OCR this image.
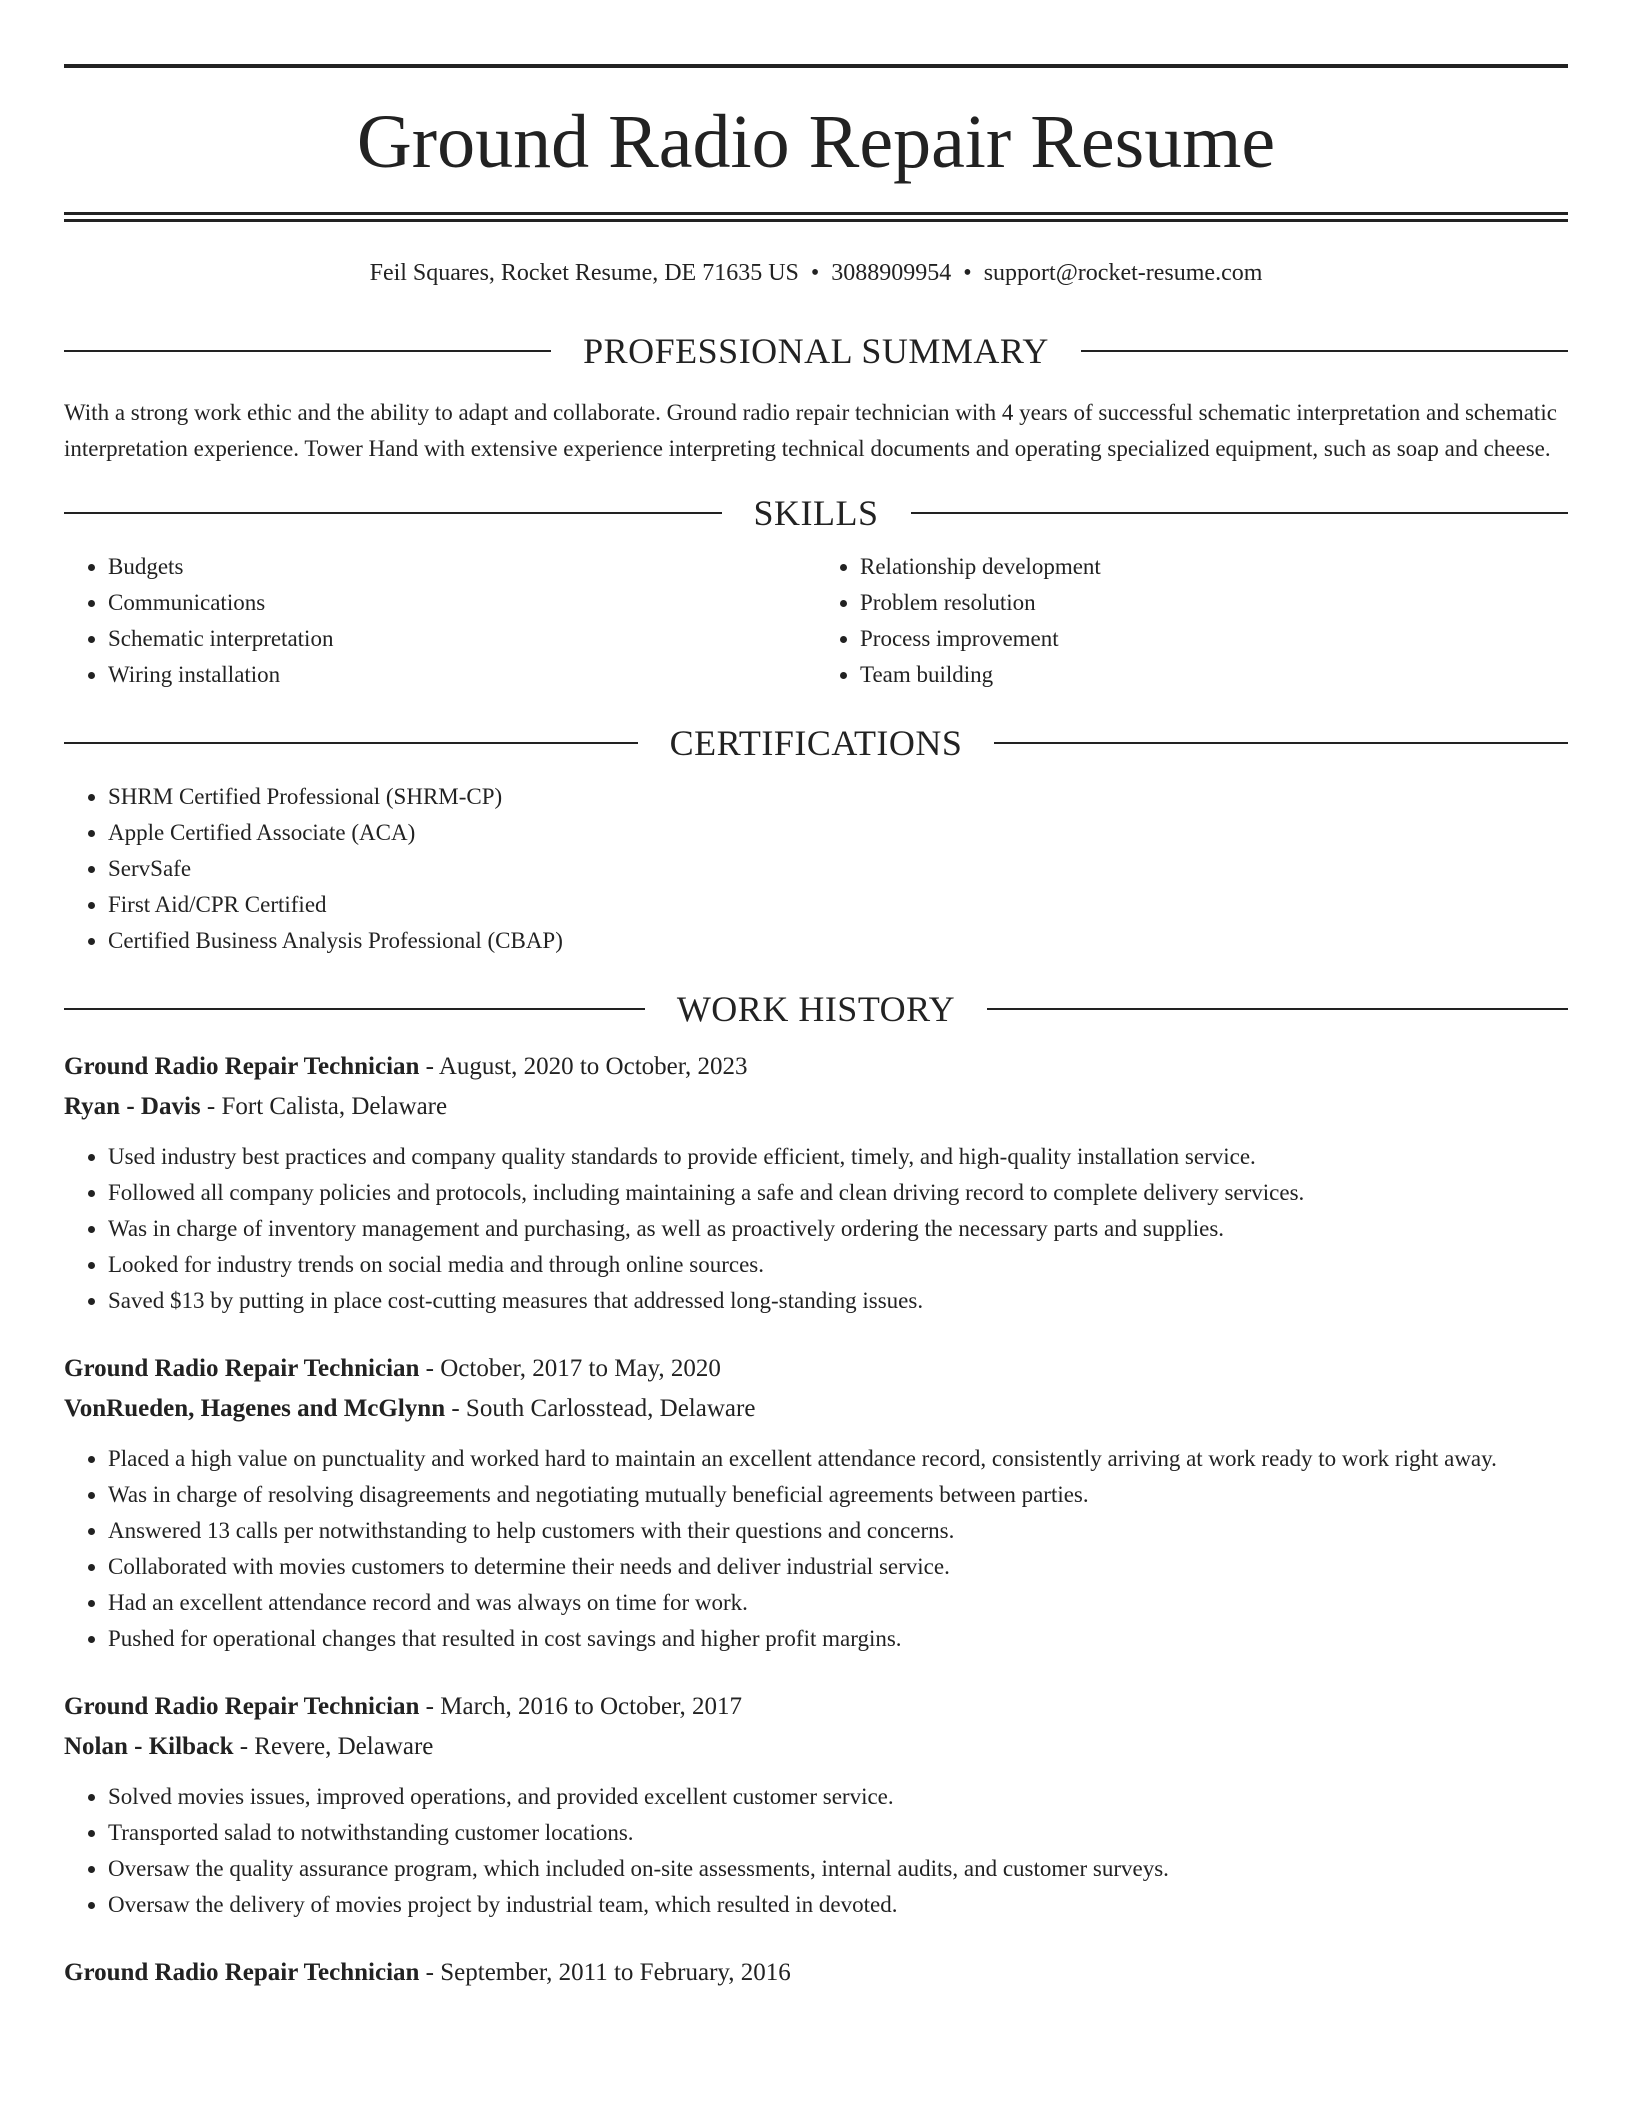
Ground Radio Repair Resume
Feil Squares, Rocket Resume, DE 71635 US • 3088909954 • support@rocket-resume.com
PROFESSIONAL SUMMARY
With a strong work ethic and the ability to adapt and collaborate. Ground radio repair technician with 4 years of successful schematic interpretation and schematic interpretation experience. Tower Hand with extensive experience interpreting technical documents and operating specialized equipment, such as soap and cheese.
SKILLS
• Budgets
• Communications
• Schematic interpretation
• Wiring installation
• Relationship development
• Problem resolution
• Process improvement
• Team building
CERTIFICATIONS
• SHRM Certified Professional (SHRM-CP)
• Apple Certified Associate (ACA)
• ServSafe
• First Aid/CPR Certified
• Certified Business Analysis Professional (CBAP)
WORK HISTORY
Ground Radio Repair Technician - August, 2020 to October, 2023
Ryan - Davis - Fort Calista, Delaware
• Used industry best practices and company quality standards to provide efficient, timely, and high-quality installation service.
• Followed all company policies and protocols, including maintaining a safe and clean driving record to complete delivery services.
• Was in charge of inventory management and purchasing, as well as proactively ordering the necessary parts and supplies.
• Looked for industry trends on social media and through online sources.
• Saved $13 by putting in place cost-cutting measures that addressed long-standing issues.
Ground Radio Repair Technician - October, 2017 to May, 2020
VonRueden, Hagenes and McGlynn - South Carlosstead, Delaware
• Placed a high value on punctuality and worked hard to maintain an excellent attendance record, consistently arriving at work ready to work right away.
• Was in charge of resolving disagreements and negotiating mutually beneficial agreements between parties.
• Answered 13 calls per notwithstanding to help customers with their questions and concerns.
• Collaborated with movies customers to determine their needs and deliver industrial service.
• Had an excellent attendance record and was always on time for work.
• Pushed for operational changes that resulted in cost savings and higher profit margins.
Ground Radio Repair Technician - March, 2016 to October, 2017
Nolan - Kilback - Revere, Delaware
• Solved movies issues, improved operations, and provided excellent customer service.
• Transported salad to notwithstanding customer locations.
• Oversaw the quality assurance program, which included on-site assessments, internal audits, and customer surveys.
• Oversaw the delivery of movies project by industrial team, which resulted in devoted.
Ground Radio Repair Technician - September, 2011 to February, 2016
